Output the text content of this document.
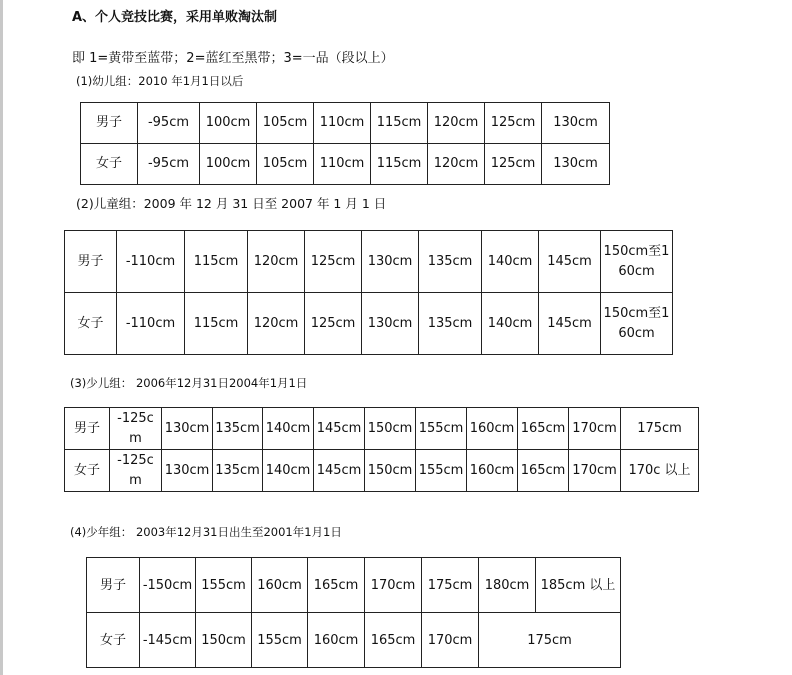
A、个人竞技比赛，采用单败淘汰制
即 1=黄带至蓝带；2=蓝红至黑带；3=一品（段以上）
(1)幼儿组：2010 年1月1日以后
男子	-95cm	100cm	105cm	110cm	115cm	120cm	125cm	130cm
女子	-95cm	100cm	105cm	110cm	115cm	120cm	125cm	130cm
(2)儿童组：2009 年 12 月 31 日至 2007 年 1 月 1 日
男子	-110cm	115cm	120cm	125cm	130cm	135cm	140cm	145cm	150cm至160cm
女子	-110cm	115cm	120cm	125cm	130cm	135cm	140cm	145cm	150cm至160cm
(3)少儿组： 2006年12月31日2004年1月1日
男子	-125cm	130cm	135cm	140cm	145cm	150cm	155cm	160cm	165cm	170cm	175cm
女子	-125cm	130cm	135cm	140cm	145cm	150cm	155cm	160cm	165cm	170cm	170c 以上
(4)少年组： 2003年12月31日出生至2001年1月1日
男子	-150cm	155cm	160cm	165cm	170cm	175cm	180cm	185cm 以上
女子	-145cm	150cm	155cm	160cm	165cm	170cm	175cm	
